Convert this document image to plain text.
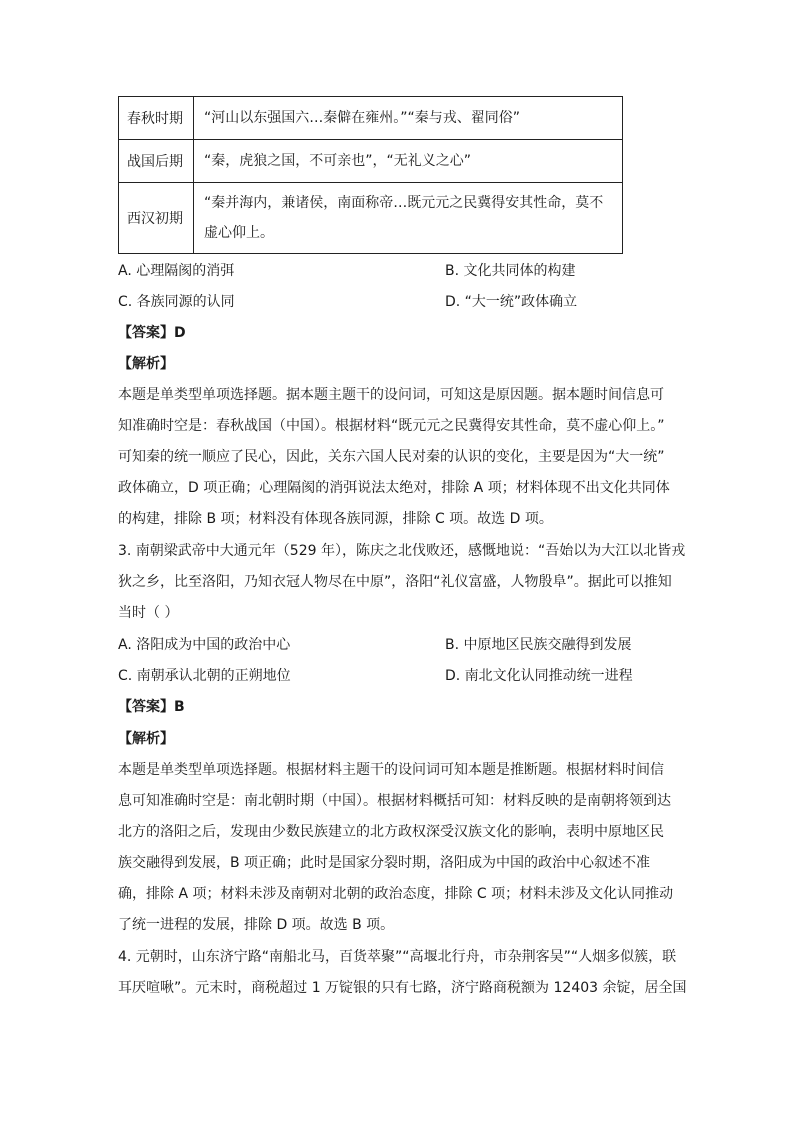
春秋时期	“河山以东强国六…秦僻在雍州。”“秦与戎、翟同俗”
战国后期	“秦，虎狼之国，不可亲也”，“无礼义之心”
西汉初期	“秦并海内，兼诸侯，南面称帝…既元元之民冀得安其性命，莫不虚心仰上。
A. 心理隔阂的消弭	B. 文化共同体的构建
C. 各族同源的认同	D. “大一统”政体确立
【答案】D
【解析】
本题是单类型单项选择题。据本题主题干的设问词，可知这是原因题。据本题时间信息可
知准确时空是：春秋战国（中国）。根据材料“既元元之民冀得安其性命，莫不虚心仰上。”
可知秦的统一顺应了民心，因此，关东六国人民对秦的认识的变化，主要是因为“大一统”
政体确立，D 项正确；心理隔阂的消弭说法太绝对，排除 A 项；材料体现不出文化共同体
的构建，排除 B 项；材料没有体现各族同源，排除 C 项。故选 D 项。
3. 南朝梁武帝中大通元年（529 年），陈庆之北伐败还，感慨地说：“吾始以为大江以北皆戎
狄之乡，比至洛阳，乃知衣冠人物尽在中原”，洛阳“礼仪富盛，人物殷阜”。据此可以推知
当时（ ）
A. 洛阳成为中国的政治中心	B. 中原地区民族交融得到发展
C. 南朝承认北朝的正朔地位	D. 南北文化认同推动统一进程
【答案】B
【解析】
本题是单类型单项选择题。根据材料主题干的设问词可知本题是推断题。根据材料时间信
息可知准确时空是：南北朝时期（中国）。根据材料概括可知：材料反映的是南朝将领到达
北方的洛阳之后，发现由少数民族建立的北方政权深受汉族文化的影响，表明中原地区民
族交融得到发展，B 项正确；此时是国家分裂时期，洛阳成为中国的政治中心叙述不准
确，排除 A 项；材料未涉及南朝对北朝的政治态度，排除 C 项；材料未涉及文化认同推动
了统一进程的发展，排除 D 项。故选 B 项。
4. 元朝时，山东济宁路“南船北马，百货萃聚”“高堰北行舟，市杂荆客吴”“人烟多似簇，联
耳厌喧啾”。元末时，商税超过 1 万锭银的只有七路，济宁路商税额为 12403 余锭，居全国
